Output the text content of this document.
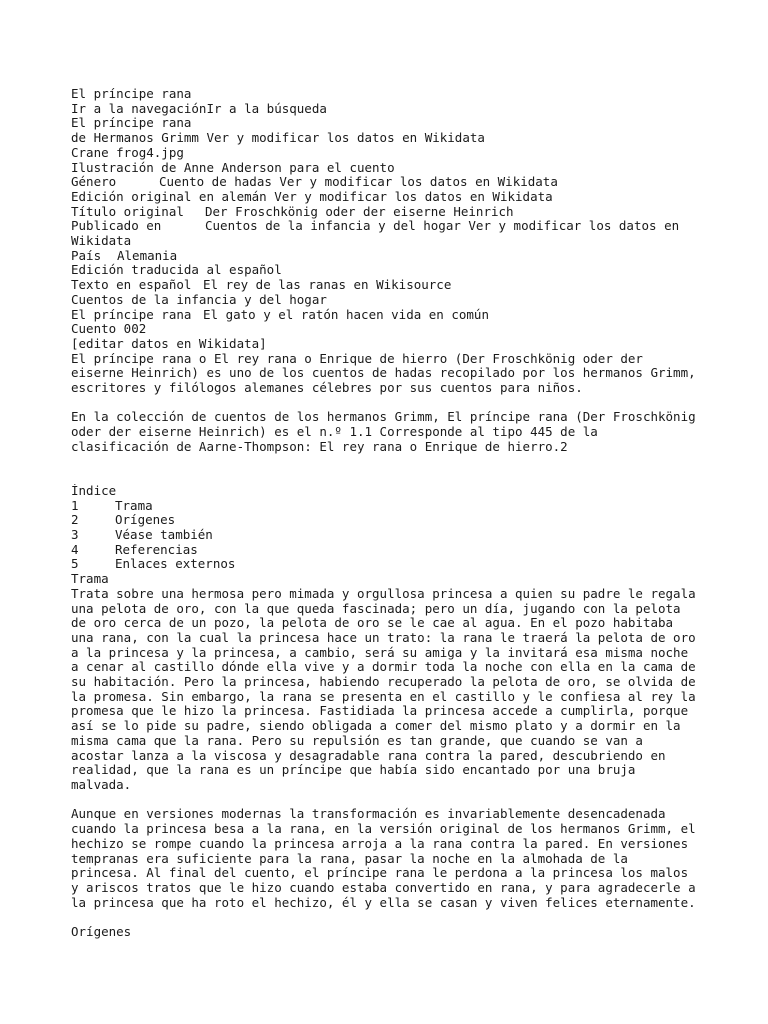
El príncipe rana
Ir a la navegaciónIr a la búsqueda
El príncipe rana
de Hermanos Grimm Ver y modificar los datos en Wikidata
Crane frog4.jpg
Ilustración de Anne Anderson para el cuento
Género	Cuento de hadas Ver y modificar los datos en Wikidata
Edición original en alemán Ver y modificar los datos en Wikidata
Título original Der Froschkönig oder der eiserne Heinrich
Publicado en	Cuentos de la infancia y del hogar Ver y modificar los datos en
Wikidata
País Alemania
Edición traducida al español
Texto en español El rey de las ranas en Wikisource
Cuentos de la infancia y del hogar
El príncipe rana El gato y el ratón hacen vida en común
Cuento 002
[editar datos en Wikidata]
El príncipe rana o El rey rana o Enrique de hierro (Der Froschkönig oder der
eiserne Heinrich) es uno de los cuentos de hadas recopilado por los hermanos Grimm,
escritores y filólogos alemanes célebres por sus cuentos para niños.
En la colección de cuentos de los hermanos Grimm, El príncipe rana (Der Froschkönig
oder der eiserne Heinrich) es el n.º 1.1 Corresponde al tipo 445 de la
clasificación de Aarne-Thompson: El rey rana o Enrique de hierro.2
Índice
1	Trama
2	Orígenes
3	Véase también
4	Referencias
5	Enlaces externos
Trama
Trata sobre una hermosa pero mimada y orgullosa princesa a quien su padre le regala
una pelota de oro, con la que queda fascinada; pero un día, jugando con la pelota
de oro cerca de un pozo, la pelota de oro se le cae al agua. En el pozo habitaba
una rana, con la cual la princesa hace un trato: la rana le traerá la pelota de oro
a la princesa y la princesa, a cambio, será su amiga y la invitará esa misma noche
a cenar al castillo dónde ella vive y a dormir toda la noche con ella en la cama de
su habitación. Pero la princesa, habiendo recuperado la pelota de oro, se olvida de
la promesa. Sin embargo, la rana se presenta en el castillo y le confiesa al rey la
promesa que le hizo la princesa. Fastidiada la princesa accede a cumplirla, porque
así se lo pide su padre, siendo obligada a comer del mismo plato y a dormir en la
misma cama que la rana. Pero su repulsión es tan grande, que cuando se van a
acostar lanza a la viscosa y desagradable rana contra la pared, descubriendo en
realidad, que la rana es un príncipe que había sido encantado por una bruja
malvada.
Aunque en versiones modernas la transformación es invariablemente desencadenada
cuando la princesa besa a la rana, en la versión original de los hermanos Grimm, el
hechizo se rompe cuando la princesa arroja a la rana contra la pared. En versiones
tempranas era suficiente para la rana, pasar la noche en la almohada de la
princesa. Al final del cuento, el príncipe rana le perdona a la princesa los malos
y ariscos tratos que le hizo cuando estaba convertido en rana, y para agradecerle a
la princesa que ha roto el hechizo, él y ella se casan y viven felices eternamente.
Orígenes
